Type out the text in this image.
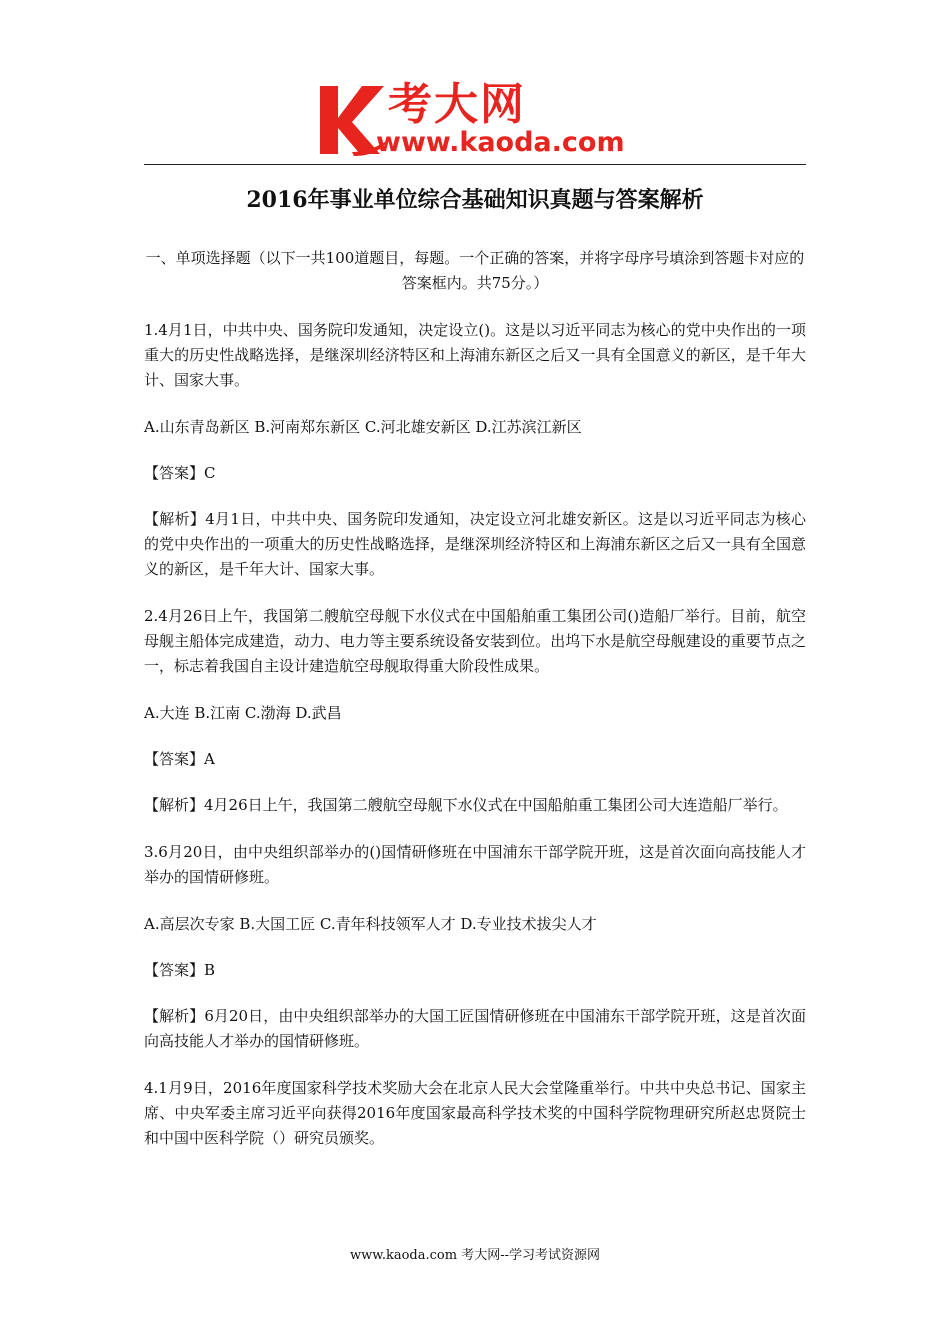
考大网
www.kaoda.com
2016年事业单位综合基础知识真题与答案解析

一、单项选择题（以下一共100道题目，每题。一个正确的答案，并将字母序号填涂到答题卡对应的答案框内。共75分。）

1.4月1日，中共中央、国务院印发通知，决定设立()。这是以习近平同志为核心的党中央作出的一项重大的历史性战略选择，是继深圳经济特区和上海浦东新区之后又一具有全国意义的新区，是千年大计、国家大事。

A.山东青岛新区 B.河南郑东新区 C.河北雄安新区 D.江苏滨江新区

【答案】C

【解析】4月1日，中共中央、国务院印发通知，决定设立河北雄安新区。这是以习近平同志为核心的党中央作出的一项重大的历史性战略选择，是继深圳经济特区和上海浦东新区之后又一具有全国意义的新区，是千年大计、国家大事。

2.4月26日上午，我国第二艘航空母舰下水仪式在中国船舶重工集团公司()造船厂举行。目前，航空母舰主船体完成建造，动力、电力等主要系统设备安装到位。出坞下水是航空母舰建设的重要节点之一，标志着我国自主设计建造航空母舰取得重大阶段性成果。

A.大连 B.江南 C.渤海 D.武昌

【答案】A

【解析】4月26日上午，我国第二艘航空母舰下水仪式在中国船舶重工集团公司大连造船厂举行。

3.6月20日，由中央组织部举办的()国情研修班在中国浦东干部学院开班，这是首次面向高技能人才举办的国情研修班。

A.高层次专家 B.大国工匠 C.青年科技领军人才 D.专业技术拔尖人才

【答案】B

【解析】6月20日，由中央组织部举办的大国工匠国情研修班在中国浦东干部学院开班，这是首次面向高技能人才举办的国情研修班。

4.1月9日，2016年度国家科学技术奖励大会在北京人民大会堂隆重举行。中共中央总书记、国家主席、中央军委主席习近平向获得2016年度国家最高科学技术奖的中国科学院物理研究所赵忠贤院士和中国中医科学院（）研究员颁奖。

www.kaoda.com 考大网--学习考试资源网
